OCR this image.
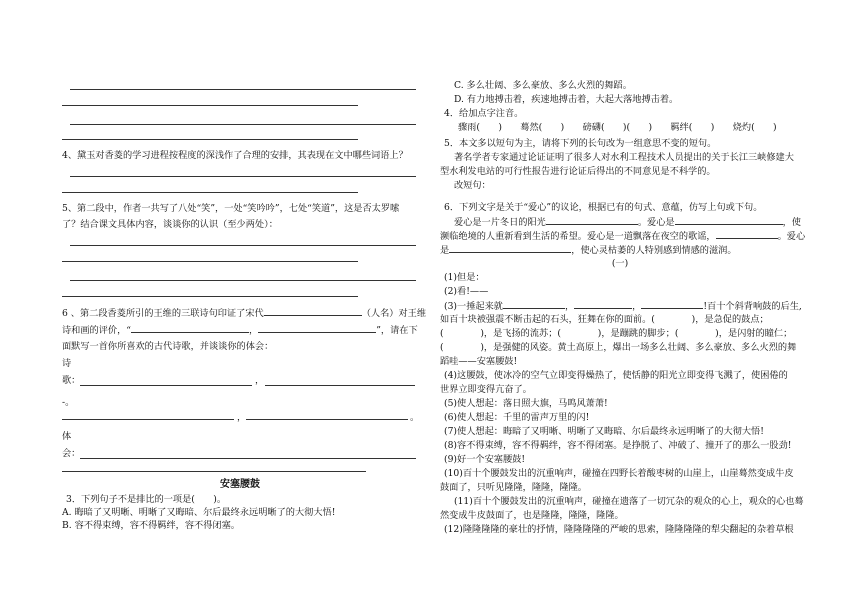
4、黛玉对香菱的学习进程按程度的深浅作了合理的安排，其表现在文中哪些词语上？
5、第二段中，作者一共写了八处“笑”，一处“笑吟吟”，七处“笑道”，这是否太罗嗦
了？结合课文具体内容，谈谈你的认识（至少两处）：
6 、第二段香菱所引的王维的三联诗句印证了宋代	（人名）对王维
诗和画的评价，“	，	”，请在下
面默写一首你所喜欢的古代诗歌，并谈谈你的体会：
诗
歌：	，
-。
，	。
体
会：
安塞腰鼓
3．下列句子不是排比的一项是(　　)。
A. 晦暗了又明晰、明晰了又晦暗、尔后最终永远明晰了的大彻大悟!
B. 容不得束缚，容不得羁绊，容不得闭塞。
C. 多么壮阔、多么豪放、多么火烈的舞蹈。
D. 有力地搏击着，疾速地搏击着，大起大落地搏击着。
4．给加点字注音。
骤雨(　　)　　蓦然(　　)　　磅礴(　　)(　　)　　羁绊(　　)　　烧灼(　　)
5．本文多以短句为主，请将下列的长句改为一组意思不变的短句。
著名学者专家通过论证证明了很多人对水利工程技术人员提出的关于长江三峡修建大
型水利发电站的可行性报告进行论证后得出的不同意见是不科学的。
改短句：
6．下列文字是关于“爱心”的议论，根据已有的句式、意蕴，仿写上句或下句。
爱心是一片冬日的阳光	。爱心是	，使
濒临绝境的人重新看到生活的希望。爱心是一道飘落在夜空的歌谣，	。爱心
是	，使心灵枯萎的人特别感到情感的滋润。
(一)
(1)但是：
(2)看!——
(3)一捶起来就	，	，	!百十个斜背响鼓的后生,
如百十块被强震不断击起的石头，狂舞在你的面前。(　　　　)，是急促的鼓点；
(　　　　)，是飞扬的流苏；(　　　　)，是蹦跳的脚步；(　　　　)，是闪射的瞳仁；
(　　　　)，是强健的风姿。黄土高原上，爆出一场多么壮阔、多么豪放、多么火烈的舞
蹈哇——安塞腰鼓!
(4)这腰鼓，使冰冷的空气立即变得燥热了，使恬静的阳光立即变得飞溅了，使困倦的
世界立即变得亢奋了。
(5)使人想起：落日照大旗，马鸣风萧萧!
(6)使人想起：千里的雷声万里的闪!
(7)使人想起：晦暗了又明晰、明晰了又晦暗、尔后最终永远明晰了的大彻大悟!
(8)容不得束缚，容不得羁绊，容不得闭塞。是挣脱了、冲破了、撞开了的那么一股劲!
(9)好一个安塞腰鼓!
(10)百十个腰鼓发出的沉重响声，碰撞在四野长着酸枣树的山崖上，山崖蓦然变成牛皮
鼓面了，只听见隆隆，隆隆，隆隆。
(11)百十个腰鼓发出的沉重响声，碰撞在遗落了一切冗杂的观众的心上，观众的心也蓦
然变成牛皮鼓面了，也是隆隆，隆隆，隆隆。
(12)隆隆隆隆的豪壮的抒情，隆隆隆隆的严峻的思索，隆隆隆隆的犁尖翻起的杂着草根
